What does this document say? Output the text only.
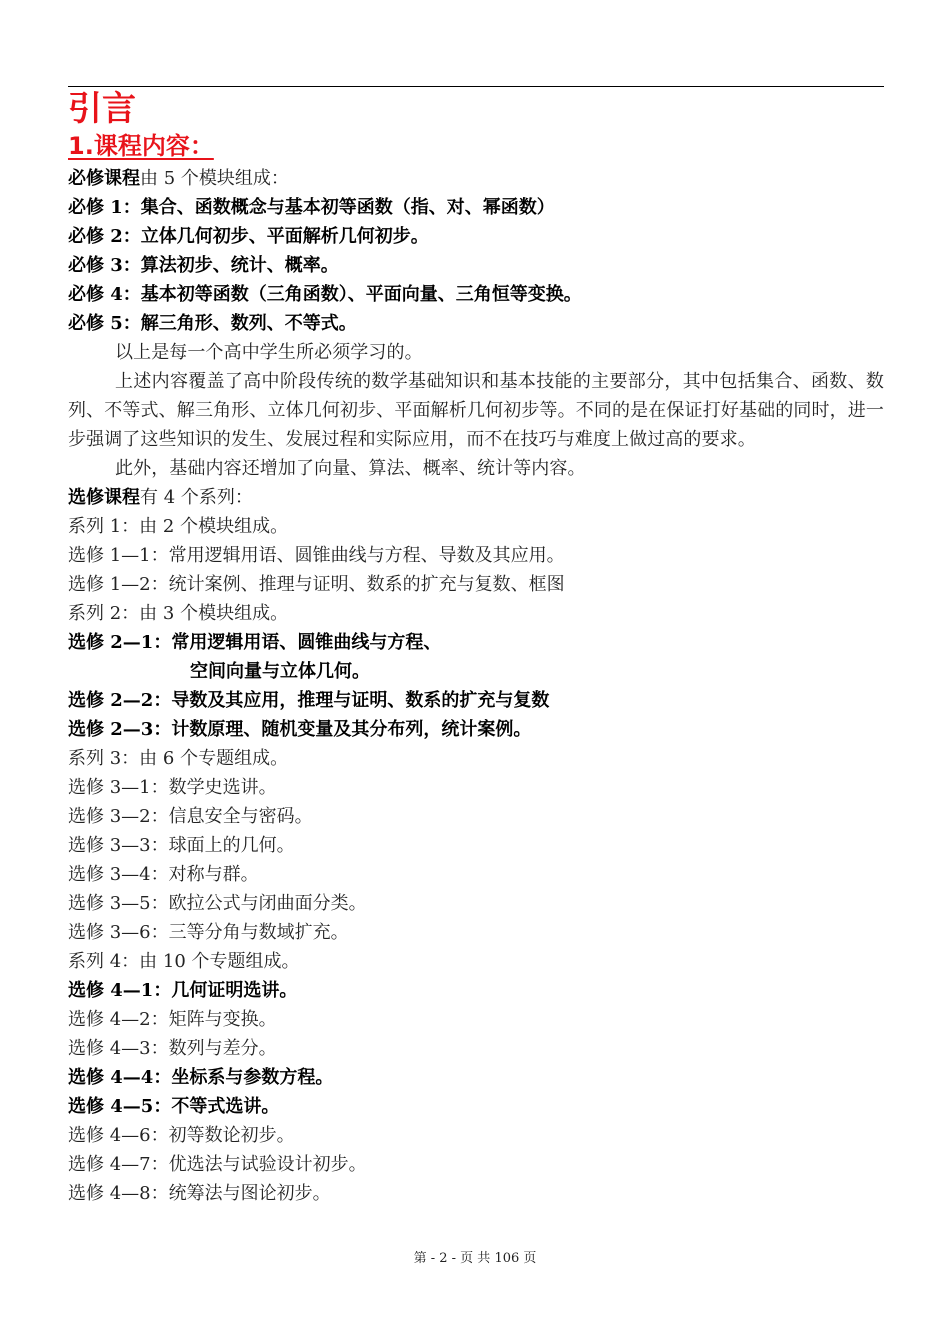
引言
1.课程内容：

必修课程由 5 个模块组成：

必修 1：集合、函数概念与基本初等函数（指、对、幂函数）

必修 2：立体几何初步、平面解析几何初步。

必修 3：算法初步、统计、概率。

必修 4：基本初等函数（三角函数）、平面向量、三角恒等变换。

必修 5：解三角形、数列、不等式。

以上是每一个高中学生所必须学习的。

上述内容覆盖了高中阶段传统的数学基础知识和基本技能的主要部分，其中包括集合、函数、数列、不等式、解三角形、立体几何初步、平面解析几何初步等。不同的是在保证打好基础的同时，进一步强调了这些知识的发生、发展过程和实际应用，而不在技巧与难度上做过高的要求。

此外，基础内容还增加了向量、算法、概率、统计等内容。

选修课程有 4 个系列：

系列 1：由 2 个模块组成。

选修 1—1：常用逻辑用语、圆锥曲线与方程、导数及其应用。

选修 1—2：统计案例、推理与证明、数系的扩充与复数、框图

系列 2：由 3 个模块组成。

选修 2—1：常用逻辑用语、圆锥曲线与方程、

空间向量与立体几何。

选修 2—2：导数及其应用，推理与证明、数系的扩充与复数

选修 2—3：计数原理、随机变量及其分布列，统计案例。

系列 3：由 6 个专题组成。

选修 3—1：数学史选讲。

选修 3—2：信息安全与密码。

选修 3—3：球面上的几何。

选修 3—4：对称与群。

选修 3—5：欧拉公式与闭曲面分类。

选修 3—6：三等分角与数域扩充。

系列 4：由 10 个专题组成。

选修 4—1：几何证明选讲。

选修 4—2：矩阵与变换。

选修 4—3：数列与差分。

选修 4—4：坐标系与参数方程。

选修 4—5：不等式选讲。

选修 4—6：初等数论初步。

选修 4—7：优选法与试验设计初步。

选修 4—8：统筹法与图论初步。

第 - 2 - 页 共 106 页
